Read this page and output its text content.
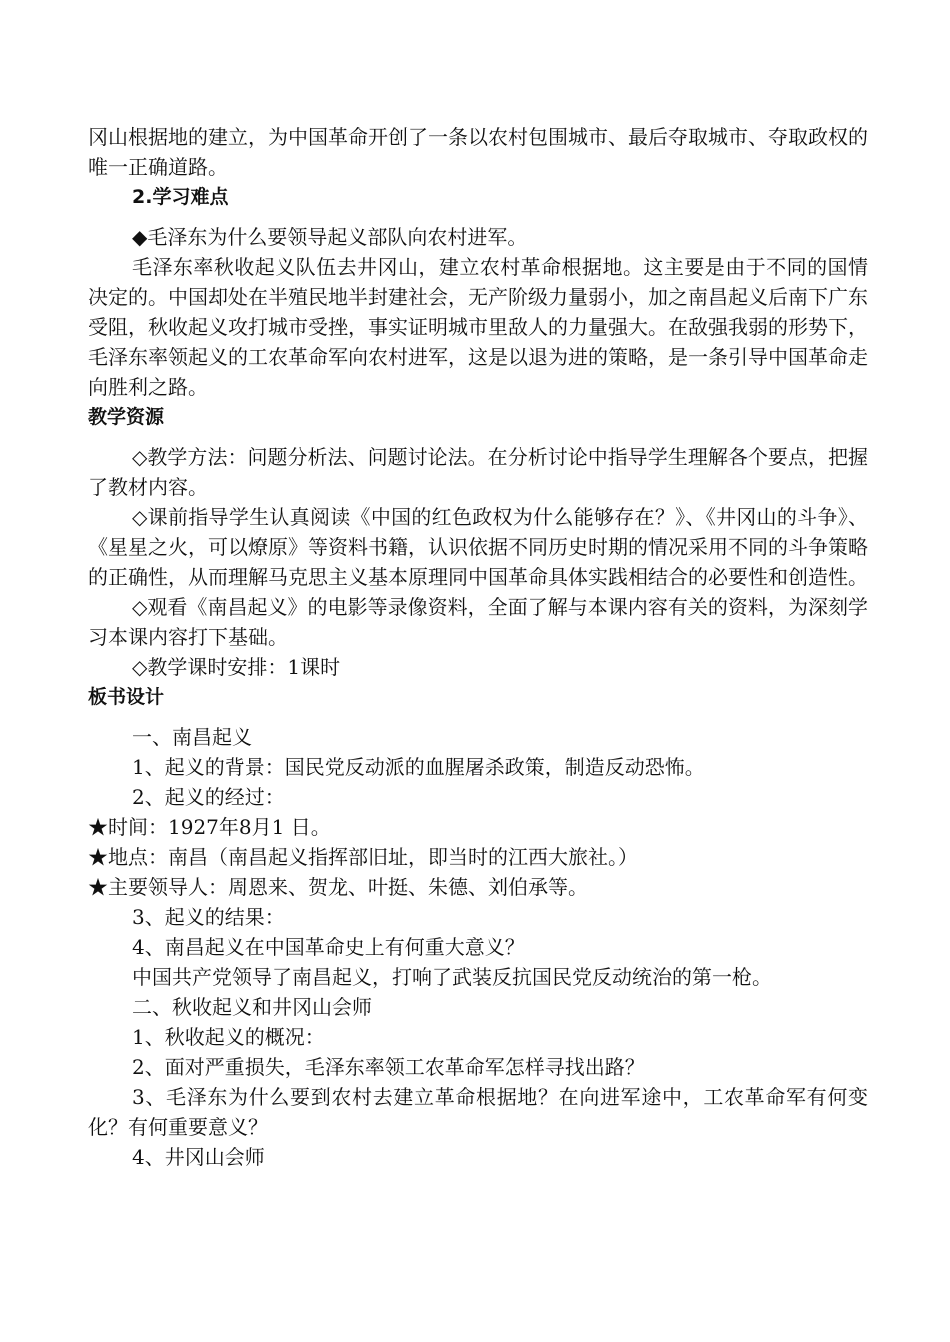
冈山根据地的建立，为中国革命开创了一条以农村包围城市、最后夺取城市、夺取政权的唯一正确道路。

2.学习难点

◆毛泽东为什么要领导起义部队向农村进军。

毛泽东率秋收起义队伍去井冈山，建立农村革命根据地。这主要是由于不同的国情决定的。中国却处在半殖民地半封建社会，无产阶级力量弱小，加之南昌起义后南下广东受阻，秋收起义攻打城市受挫，事实证明城市里敌人的力量强大。在敌强我弱的形势下，毛泽东率领起义的工农革命军向农村进军，这是以退为进的策略，是一条引导中国革命走向胜利之路。

教学资源

◇教学方法：问题分析法、问题讨论法。在分析讨论中指导学生理解各个要点，把握了教材内容。

◇课前指导学生认真阅读《中国的红色政权为什么能够存在？》、《井冈山的斗争》、《星星之火，可以燎原》等资料书籍，认识依据不同历史时期的情况采用不同的斗争策略的正确性，从而理解马克思主义基本原理同中国革命具体实践相结合的必要性和创造性。

◇观看《南昌起义》的电影等录像资料，全面了解与本课内容有关的资料，为深刻学习本课内容打下基础。

◇教学课时安排：1课时

板书设计

一、南昌起义

1、起义的背景：国民党反动派的血腥屠杀政策，制造反动恐怖。

2、起义的经过：

★时间：1927年8月1 日。

★地点：南昌（南昌起义指挥部旧址，即当时的江西大旅社。）

★主要领导人：周恩来、贺龙、叶挺、朱德、刘伯承等。

3、起义的结果：

4、南昌起义在中国革命史上有何重大意义？

中国共产党领导了南昌起义，打响了武装反抗国民党反动统治的第一枪。

二、秋收起义和井冈山会师

1、秋收起义的概况：

2、面对严重损失，毛泽东率领工农革命军怎样寻找出路？

3、毛泽东为什么要到农村去建立革命根据地？在向进军途中，工农革命军有何变化？有何重要意义？

4、井冈山会师
